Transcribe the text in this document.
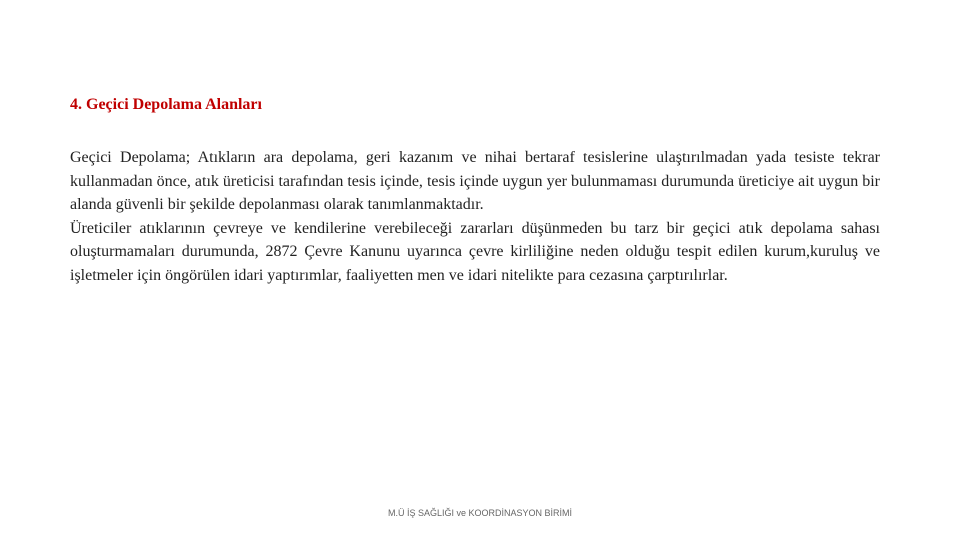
4. Geçici Depolama Alanları

Geçici Depolama; Atıkların ara depolama, geri kazanım ve nihai bertaraf tesislerine ulaştırılmadan yada tesiste tekrar kullanmadan önce, atık üreticisi tarafından tesis içinde, tesis içinde uygun yer bulunmaması durumunda üreticiye ait uygun bir alanda güvenli bir şekilde depolanması olarak tanımlanmaktadır.

Üreticiler atıklarının çevreye ve kendilerine verebileceği zararları düşünmeden bu tarz bir geçici atık depolama sahası oluşturmamaları durumunda, 2872 Çevre Kanunu uyarınca çevre kirliliğine neden olduğu tespit edilen kurum,kuruluş ve işletmeler için öngörülen idari yaptırımlar, faaliyetten men ve idari nitelikte para cezasına çarptırılırlar.

M.Ü İŞ SAĞLIĞI ve KOORDİNASYON BİRİMİ
